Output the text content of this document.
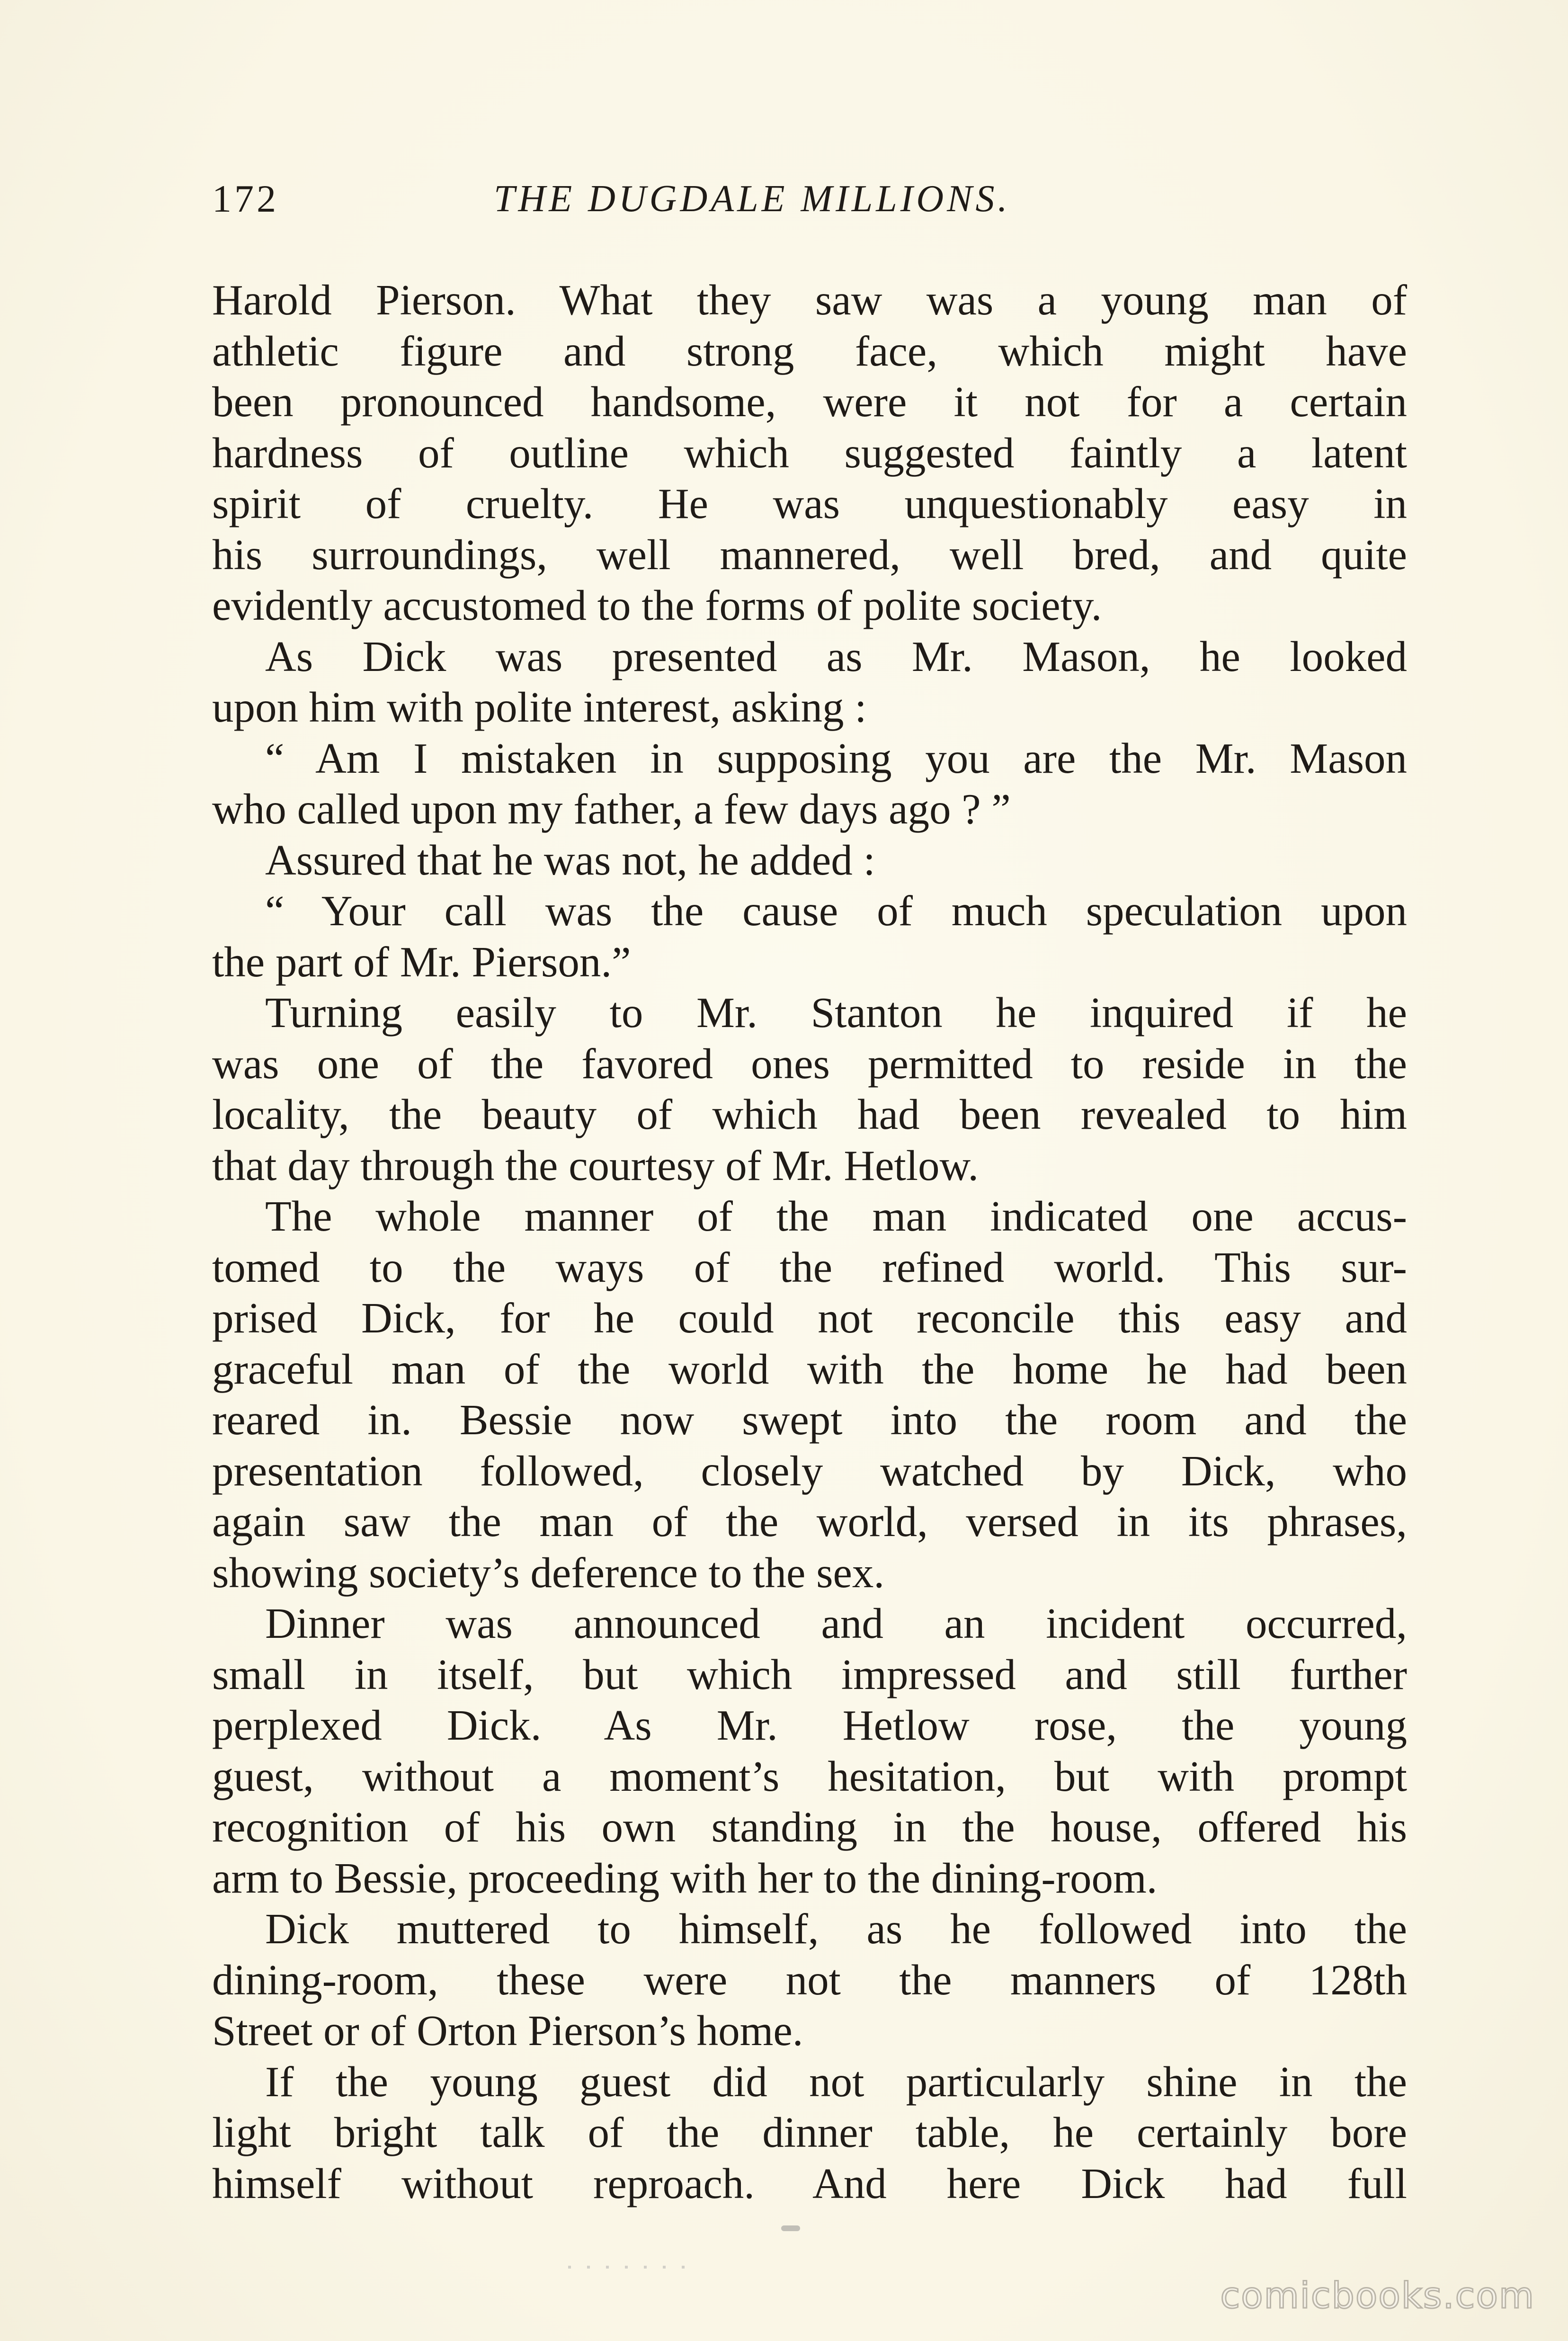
172	THE DUGDALE MILLIONS.
Harold Pierson. What they saw was a young man of
athletic figure and strong face, which might have
been pronounced handsome, were it not for a certain
hardness of outline which suggested faintly a latent
spirit of cruelty. He was unquestionably easy in
his surroundings, well mannered, well bred, and quite
evidently accustomed to the forms of polite society.
As Dick was presented as Mr. Mason, he looked
upon him with polite interest, asking :
“ Am I mistaken in supposing you are the Mr. Mason
who called upon my father, a few days ago ? ”
Assured that he was not, he added :
“ Your call was the cause of much speculation upon
the part of Mr. Pierson.”
Turning easily to Mr. Stanton he inquired if he
was one of the favored ones permitted to reside in the
locality, the beauty of which had been revealed to him
that day through the courtesy of Mr. Hetlow.
The whole manner of the man indicated one accus-
tomed to the ways of the refined world. This sur-
prised Dick, for he could not reconcile this easy and
graceful man of the world with the home he had been
reared in. Bessie now swept into the room and the
presentation followed, closely watched by Dick, who
again saw the man of the world, versed in its phrases,
showing society’s deference to the sex.
Dinner was announced and an incident occurred,
small in itself, but which impressed and still further
perplexed Dick. As Mr. Hetlow rose, the young
guest, without a moment’s hesitation, but with prompt
recognition of his own standing in the house, offered his
arm to Bessie, proceeding with her to the dining-room.
Dick muttered to himself, as he followed into the
dining-room, these were not the manners of 128th
Street or of Orton Pierson’s home.
If the young guest did not particularly shine in the
light bright talk of the dinner table, he certainly bore
himself without reproach. And here Dick had full
comicbooks.com
